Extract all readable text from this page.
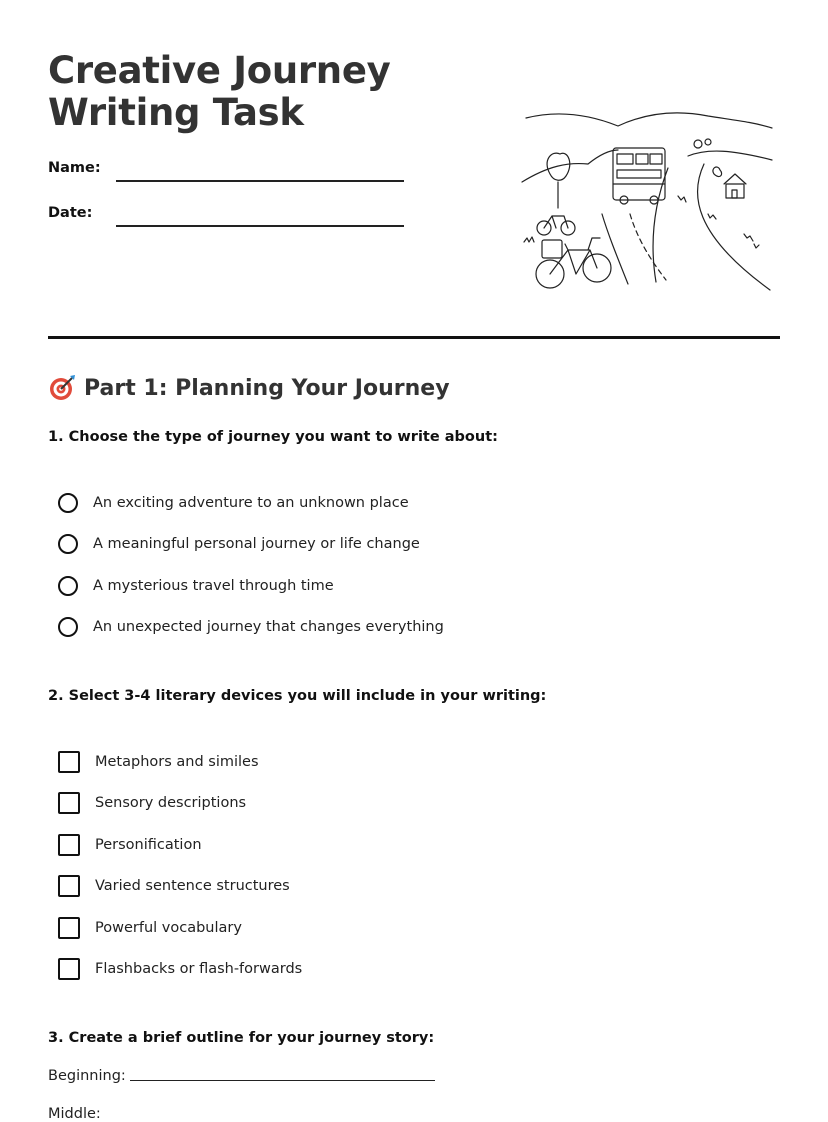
Creative Journey
Writing Task
Name:
Date:
Part 1: Planning Your Journey

1. Choose the type of journey you want to write about:

An exciting adventure to an unknown place
A meaningful personal journey or life change
A mysterious travel through time
An unexpected journey that changes everything

2. Select 3-4 literary devices you will include in your writing:

Metaphors and similes
Sensory descriptions
Personification
Varied sentence structures
Powerful vocabulary
Flashbacks or flash-forwards

3. Create a brief outline for your journey story:

Beginning:
Middle:
